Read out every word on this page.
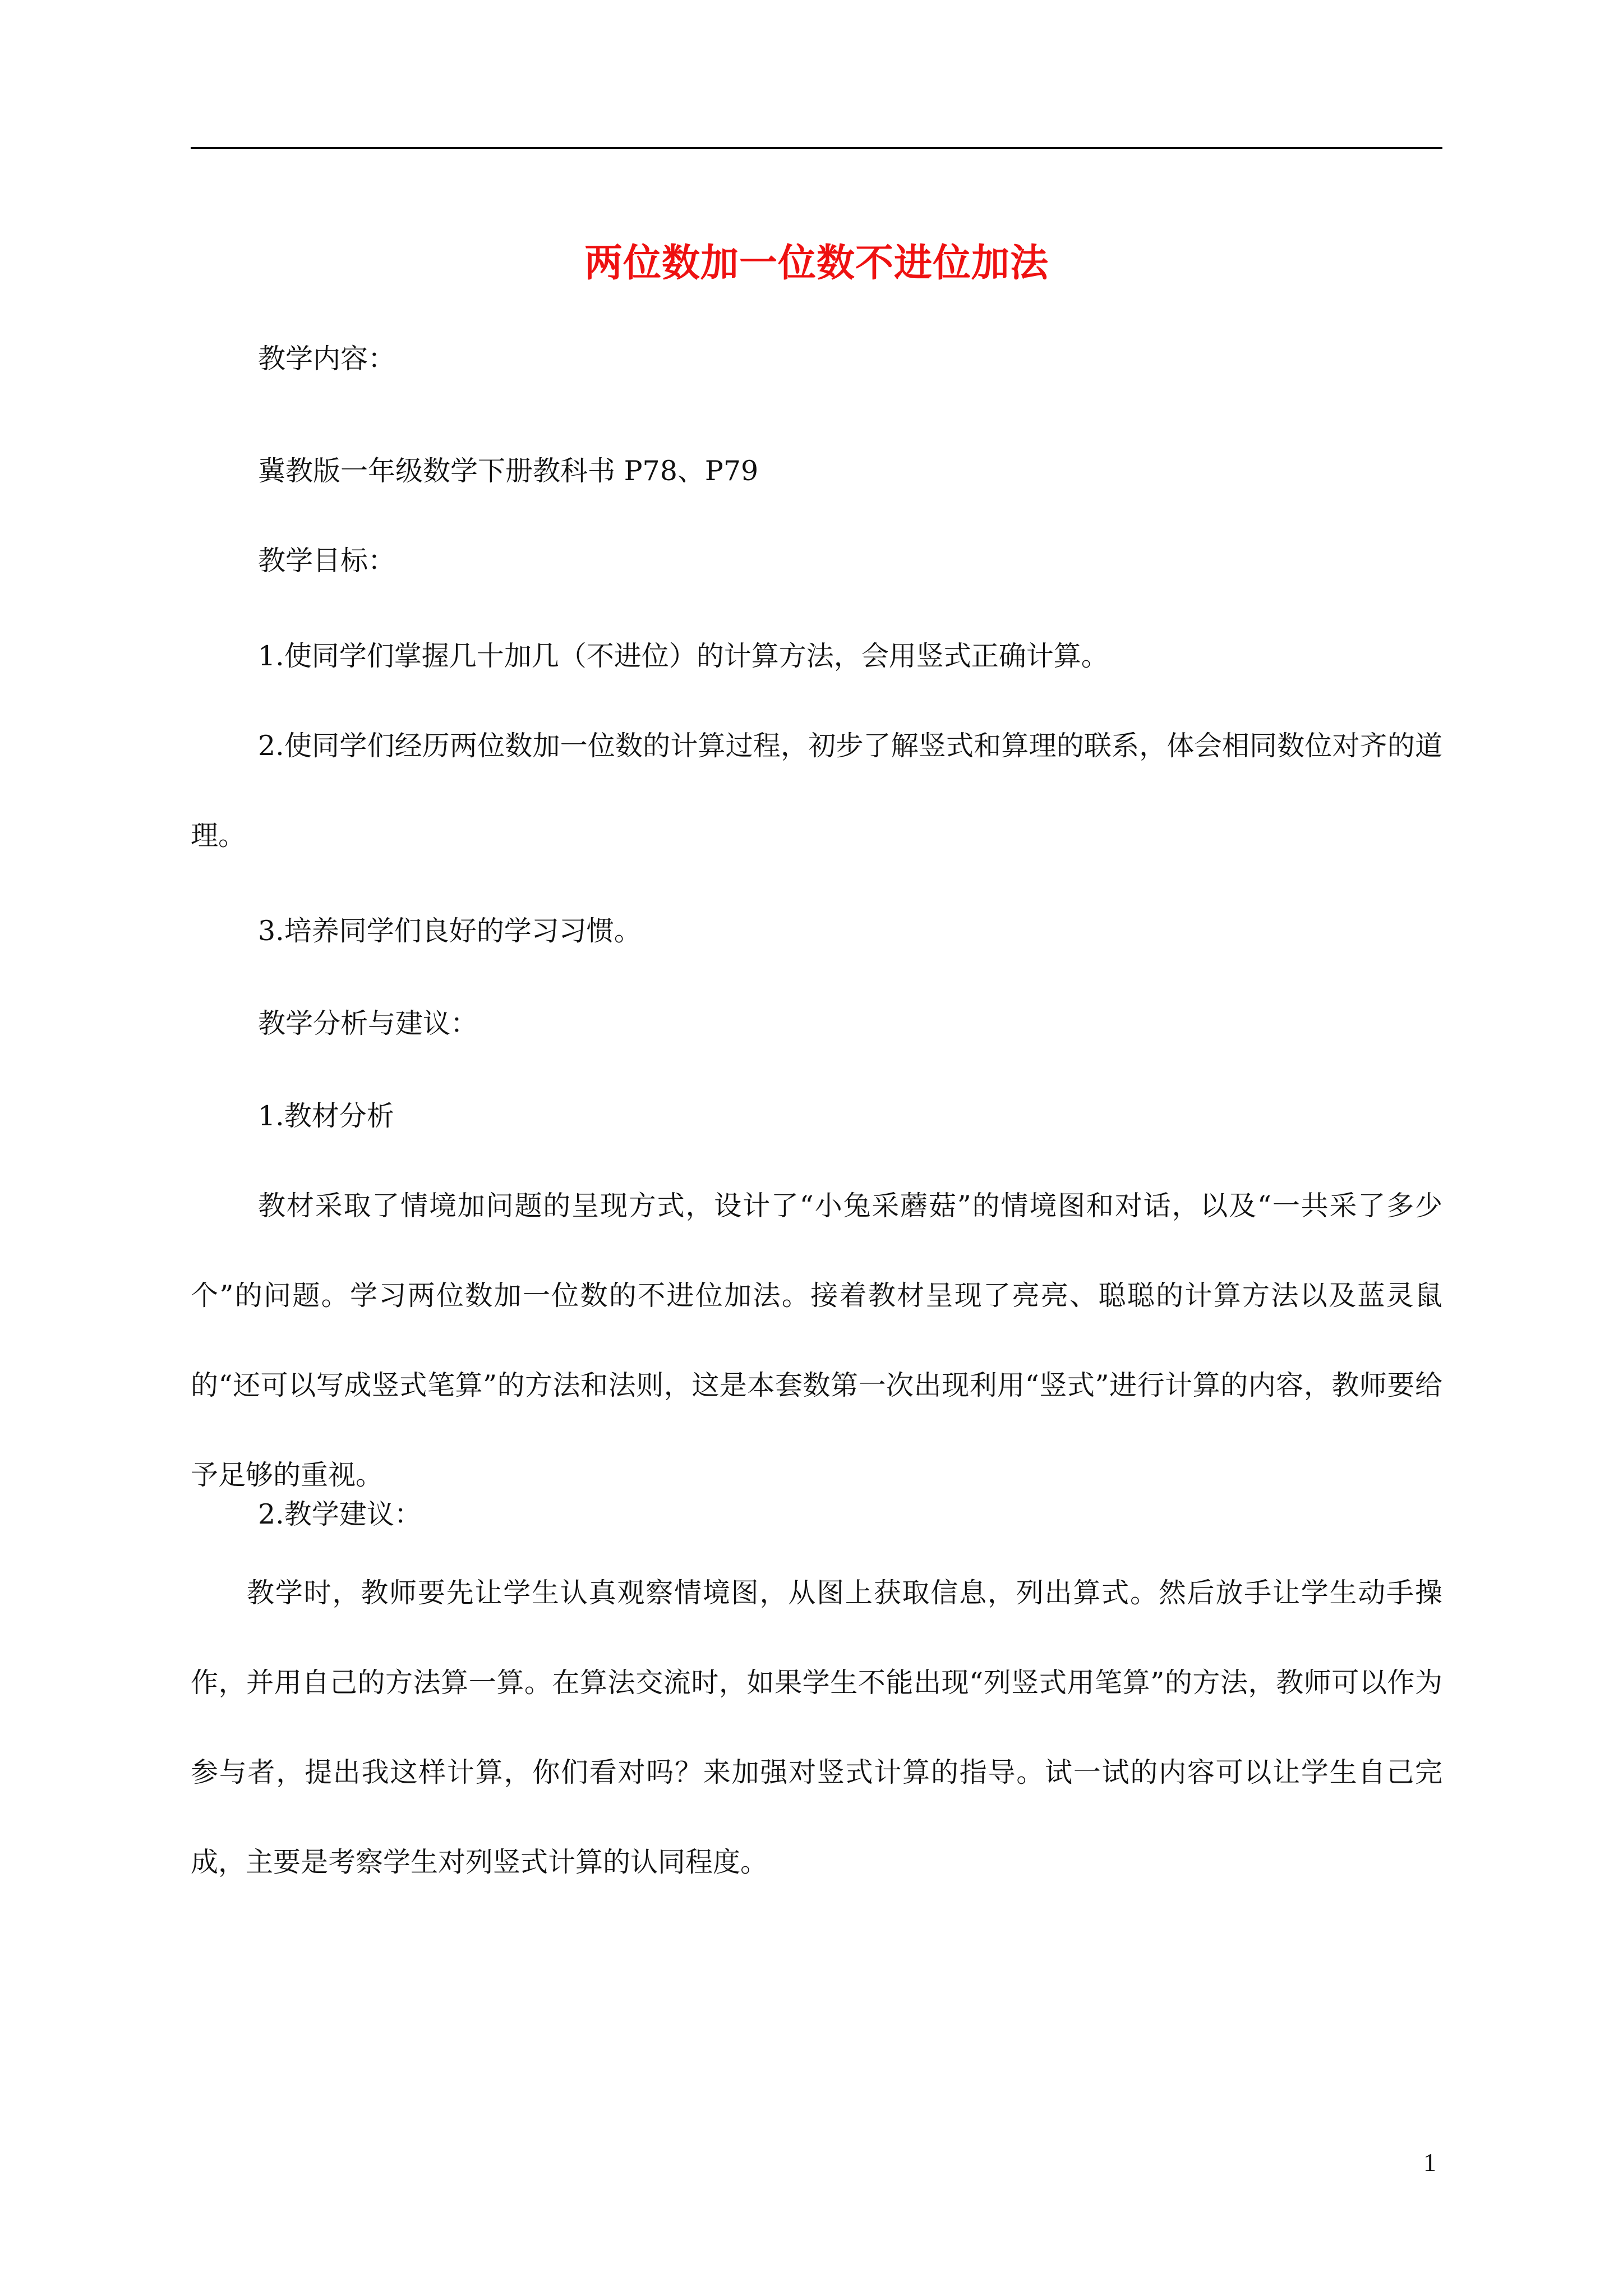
两位数加一位数不进位加法

教学内容：

冀教版一年级数学下册教科书 P78、P79

教学目标：

1.使同学们掌握几十加几（不进位）的计算方法，会用竖式正确计算。

2.使同学们经历两位数加一位数的计算过程，初步了解竖式和算理的联系，体会相同数位对齐的道理。

3.培养同学们良好的学习习惯。

教学分析与建议：

1.教材分析

教材采取了情境加问题的呈现方式，设计了“小兔采蘑菇”的情境图和对话，以及“一共采了多少个”的问题。学习两位数加一位数的不进位加法。接着教材呈现了亮亮、聪聪的计算方法以及蓝灵鼠的“还可以写成竖式笔算”的方法和法则，这是本套数第一次出现利用“竖式”进行计算的内容，教师要给予足够的重视。

2.教学建议：

教学时，教师要先让学生认真观察情境图，从图上获取信息，列出算式。然后放手让学生动手操作，并用自己的方法算一算。在算法交流时，如果学生不能出现“列竖式用笔算”的方法，教师可以作为参与者，提出我这样计算，你们看对吗？来加强对竖式计算的指导。试一试的内容可以让学生自己完成，主要是考察学生对列竖式计算的认同程度。

1
